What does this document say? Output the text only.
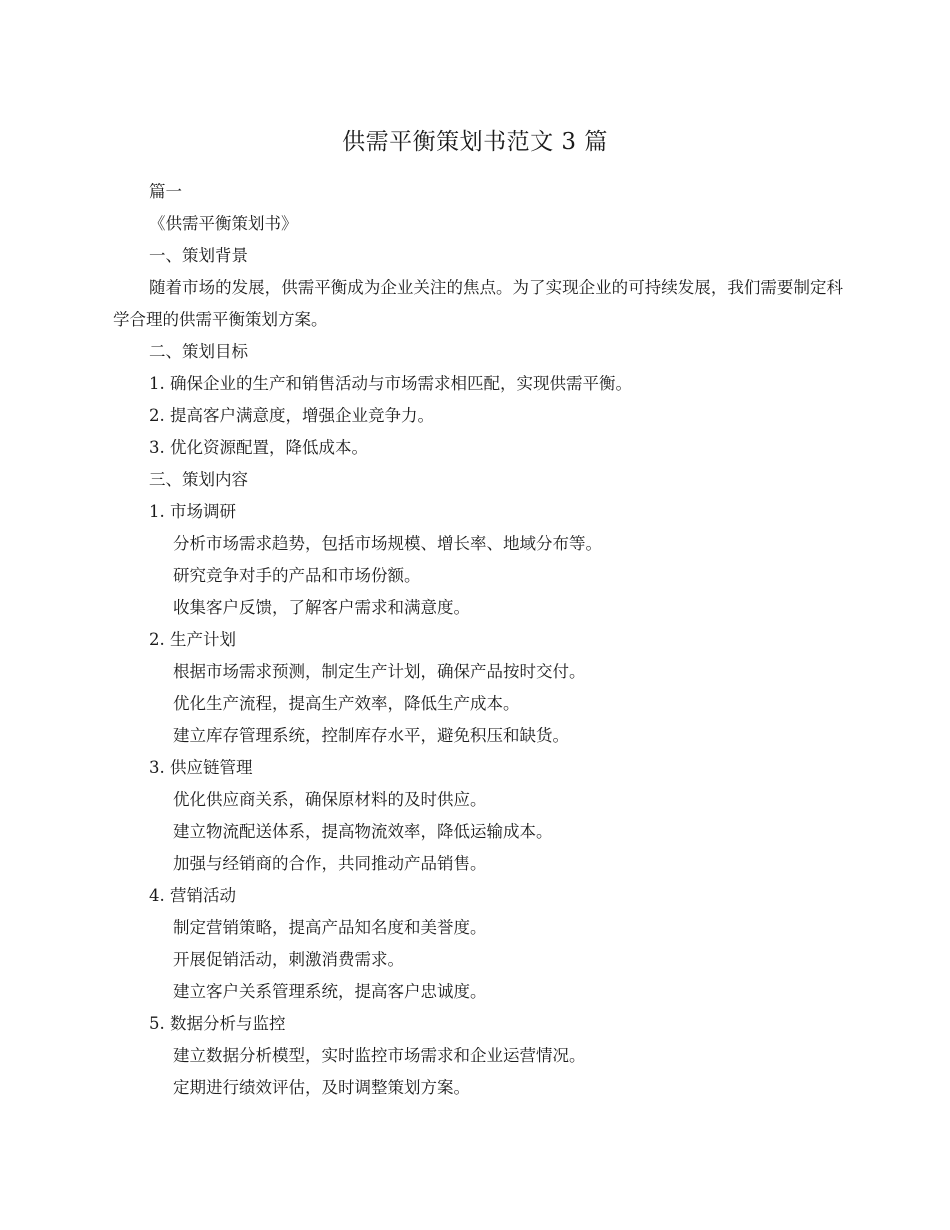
供需平衡策划书范文 3 篇

篇一

《供需平衡策划书》

一、策划背景

随着市场的发展，供需平衡成为企业关注的焦点。为了实现企业的可持续发展，我们需要制定科学合理的供需平衡策划方案。

二、策划目标

1. 确保企业的生产和销售活动与市场需求相匹配，实现供需平衡。

2. 提高客户满意度，增强企业竞争力。

3. 优化资源配置，降低成本。

三、策划内容

1. 市场调研

分析市场需求趋势，包括市场规模、增长率、地域分布等。

研究竞争对手的产品和市场份额。

收集客户反馈，了解客户需求和满意度。

2. 生产计划

根据市场需求预测，制定生产计划，确保产品按时交付。

优化生产流程，提高生产效率，降低生产成本。

建立库存管理系统，控制库存水平，避免积压和缺货。

3. 供应链管理

优化供应商关系，确保原材料的及时供应。

建立物流配送体系，提高物流效率，降低运输成本。

加强与经销商的合作，共同推动产品销售。

4. 营销活动

制定营销策略，提高产品知名度和美誉度。

开展促销活动，刺激消费需求。

建立客户关系管理系统，提高客户忠诚度。

5. 数据分析与监控

建立数据分析模型，实时监控市场需求和企业运营情况。

定期进行绩效评估，及时调整策划方案。
